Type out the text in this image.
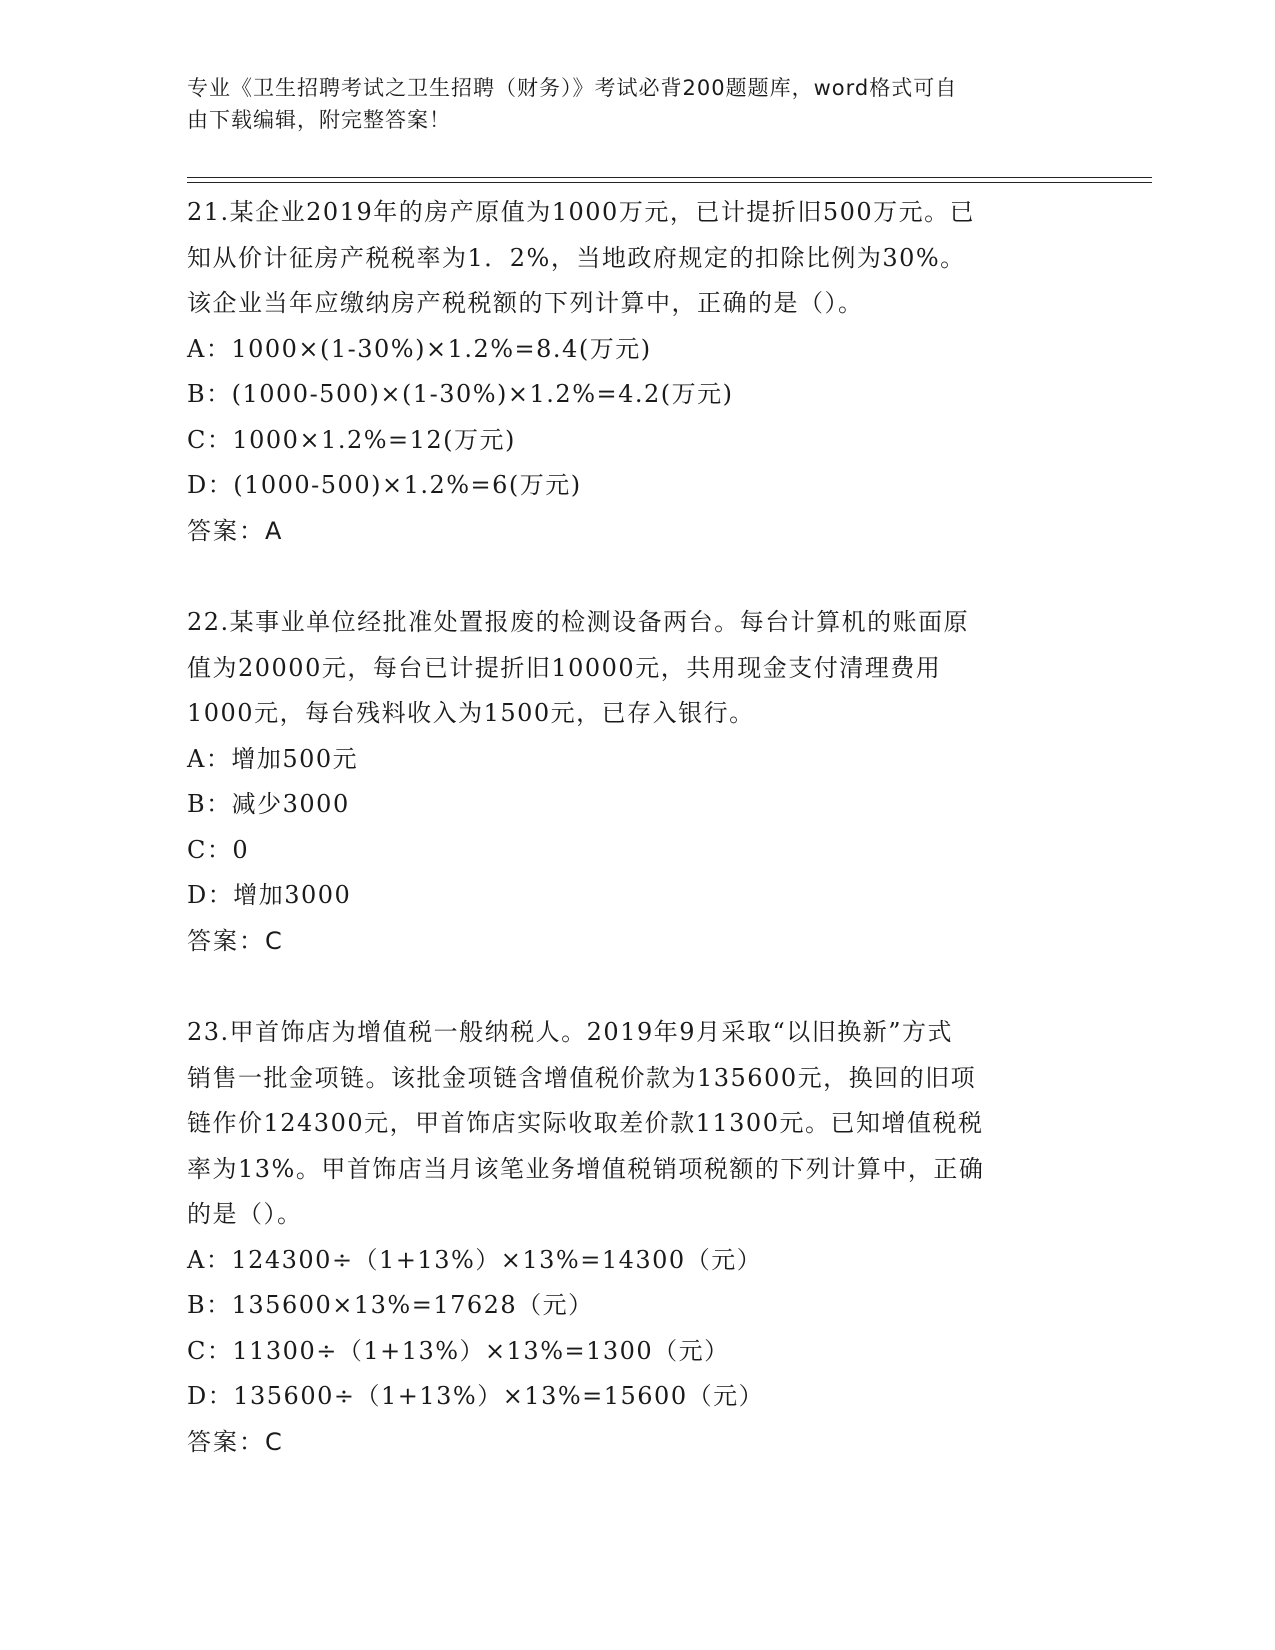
专业《卫生招聘考试之卫生招聘（财务）》考试必背200题题库，word格式可自

由下载编辑，附完整答案！

21.某企业2019年的房产原值为1000万元，已计提折旧500万元。已

知从价计征房产税税率为1．2%，当地政府规定的扣除比例为30%。

该企业当年应缴纳房产税税额的下列计算中，正确的是（）。

A：1000×(1-30%)×1.2%=8.4(万元)

B：(1000-500)×(1-30%)×1.2%=4.2(万元)

C：1000×1.2%=12(万元)

D：(1000-500)×1.2%=6(万元)

答案：A

22.某事业单位经批准处置报废的检测设备两台。每台计算机的账面原

值为20000元，每台已计提折旧10000元，共用现金支付清理费用

1000元，每台残料收入为1500元，已存入银行。

A：增加500元

B：减少3000

C：0

D：增加3000

答案：C

23.甲首饰店为增值税一般纳税人。2019年9月采取“以旧换新”方式

销售一批金项链。该批金项链含增值税价款为135600元，换回的旧项

链作价124300元，甲首饰店实际收取差价款11300元。已知增值税税

率为13%。甲首饰店当月该笔业务增值税销项税额的下列计算中，正确

的是（）。

A：124300÷（1+13%）×13%=14300（元）

B：135600×13%=17628（元）

C：11300÷（1+13%）×13%=1300（元）

D：135600÷（1+13%）×13%=15600（元）

答案：C
